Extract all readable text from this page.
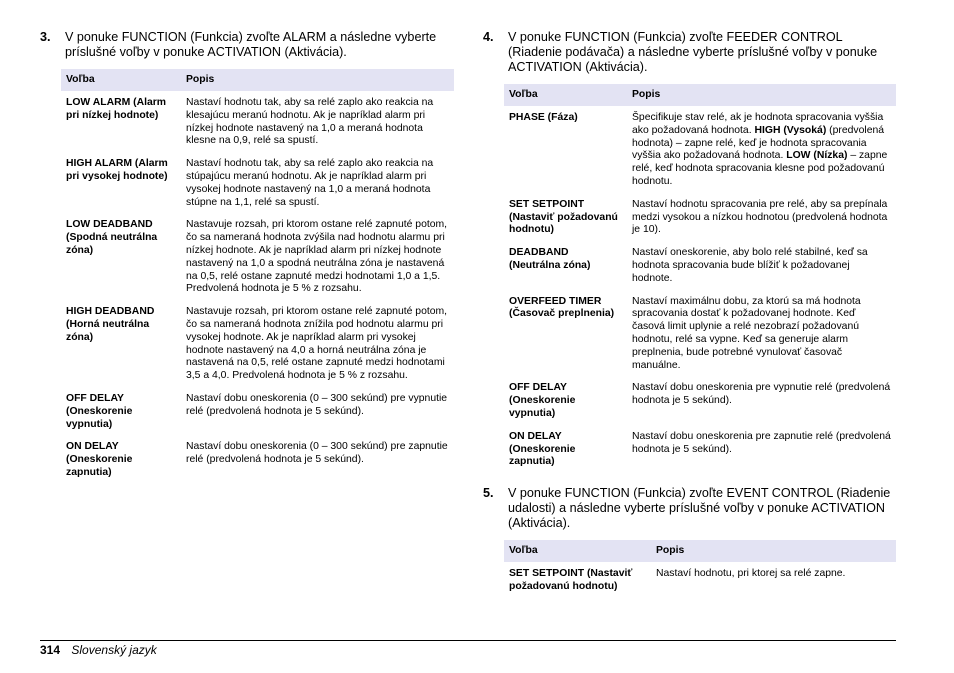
3.	V ponuke FUNCTION (Funkcia) zvoľte ALARM a následne vyberte príslušné voľby v ponuke ACTIVATION (Aktivácia).
Voľba	Popis
LOW ALARM (Alarm pri nízkej hodnote)	Nastaví hodnotu tak, aby sa relé zaplo ako reakcia na klesajúcu meranú hodnotu. Ak je napríklad alarm pri nízkej hodnote nastavený na 1,0 a meraná hodnota klesne na 0,9, relé sa spustí.
HIGH ALARM (Alarm pri vysokej hodnote)	Nastaví hodnotu tak, aby sa relé zaplo ako reakcia na stúpajúcu meranú hodnotu. Ak je napríklad alarm pri vysokej hodnote nastavený na 1,0 a meraná hodnota stúpne na 1,1, relé sa spustí.
LOW DEADBAND (Spodná neutrálna zóna)	Nastavuje rozsah, pri ktorom ostane relé zapnuté potom, čo sa nameraná hodnota zvýšila nad hodnotu alarmu pri nízkej hodnote. Ak je napríklad alarm pri nízkej hodnote nastavený na 1,0 a spodná neutrálna zóna je nastavená na 0,5, relé ostane zapnuté medzi hodnotami 1,0 a 1,5. Predvolená hodnota je 5 % z rozsahu.
HIGH DEADBAND (Horná neutrálna zóna)	Nastavuje rozsah, pri ktorom ostane relé zapnuté potom, čo sa nameraná hodnota znížila pod hodnotu alarmu pri vysokej hodnote. Ak je napríklad alarm pri vysokej hodnote nastavený na 4,0 a horná neutrálna zóna je nastavená na 0,5, relé ostane zapnuté medzi hodnotami 3,5 a 4,0. Predvolená hodnota je 5 % z rozsahu.
OFF DELAY (Oneskorenie vypnutia)	Nastaví dobu oneskorenia (0 – 300 sekúnd) pre vypnutie relé (predvolená hodnota je 5 sekúnd).
ON DELAY (Oneskorenie zapnutia)	Nastaví dobu oneskorenia (0 – 300 sekúnd) pre zapnutie relé (predvolená hodnota je 5 sekúnd).
4.	V ponuke FUNCTION (Funkcia) zvoľte FEEDER CONTROL (Riadenie podávača) a následne vyberte príslušné voľby v ponuke ACTIVATION (Aktivácia).
Voľba	Popis
PHASE (Fáza)	Špecifikuje stav relé, ak je hodnota spracovania vyššia ako požadovaná hodnota. HIGH (Vysoká) (predvolená hodnota) – zapne relé, keď je hodnota spracovania vyššia ako požadovaná hodnota. LOW (Nízka) – zapne relé, keď hodnota spracovania klesne pod požadovanú hodnotu.
SET SETPOINT (Nastaviť požadovanú hodnotu)	Nastaví hodnotu spracovania pre relé, aby sa prepínala medzi vysokou a nízkou hodnotou (predvolená hodnota je 10).
DEADBAND (Neutrálna zóna)	Nastaví oneskorenie, aby bolo relé stabilné, keď sa hodnota spracovania bude blížiť k požadovanej hodnote.
OVERFEED TIMER (Časovač preplnenia)	Nastaví maximálnu dobu, za ktorú sa má hodnota spracovania dostať k požadovanej hodnote. Keď časová limit uplynie a relé nezobrazí požadovanú hodnotu, relé sa vypne. Keď sa generuje alarm preplnenia, bude potrebné vynulovať časovač manuálne.
OFF DELAY (Oneskorenie vypnutia)	Nastaví dobu oneskorenia pre vypnutie relé (predvolená hodnota je 5 sekúnd).
ON DELAY (Oneskorenie zapnutia)	Nastaví dobu oneskorenia pre zapnutie relé (predvolená hodnota je 5 sekúnd).
5.	V ponuke FUNCTION (Funkcia) zvoľte EVENT CONTROL (Riadenie udalosti) a následne vyberte príslušné voľby v ponuke ACTIVATION (Aktivácia).
Voľba	Popis
SET SETPOINT (Nastaviť požadovanú hodnotu)	Nastaví hodnotu, pri ktorej sa relé zapne.
314 Slovenský jazyk
